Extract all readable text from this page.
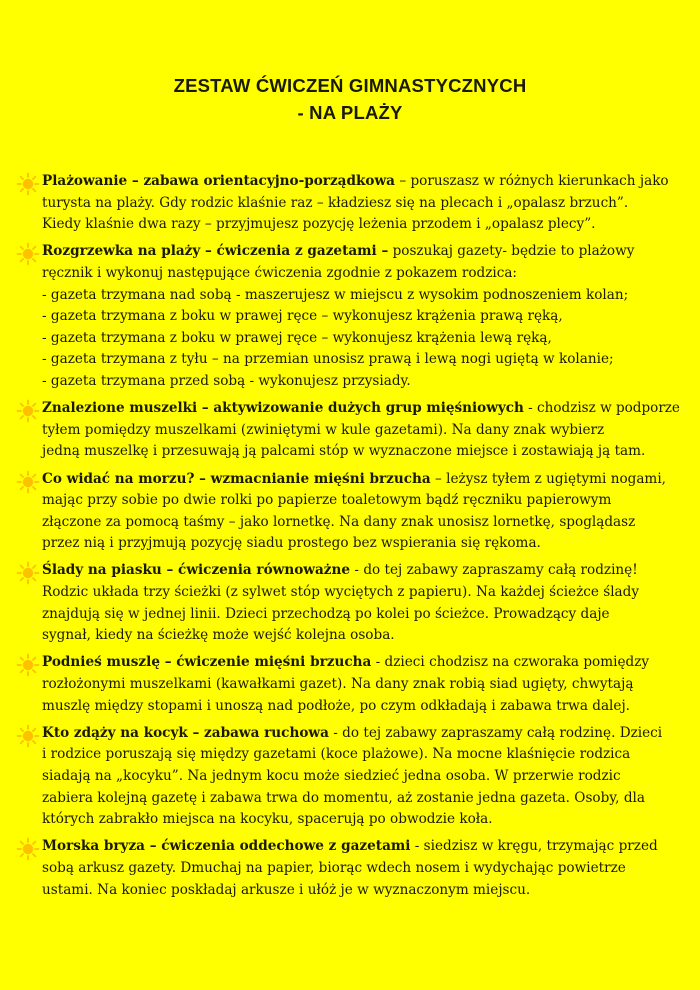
ZESTAW ĆWICZEŃ GIMNASTYCZNYCH
- NA PLAŻY
Plażowanie – zabawa orientacyjno-porządkowa – poruszasz w różnych kierunkach jako
turysta na plaży. Gdy rodzic klaśnie raz – kładziesz się na plecach i „opalasz brzuch”.
Kiedy klaśnie dwa razy – przyjmujesz pozycję leżenia przodem i „opalasz plecy”.
Rozgrzewka na plaży – ćwiczenia z gazetami – poszukaj gazety- będzie to plażowy
ręcznik i wykonuj następujące ćwiczenia zgodnie z pokazem rodzica:
- gazeta trzymana nad sobą - maszerujesz w miejscu z wysokim podnoszeniem kolan;
- gazeta trzymana z boku w prawej ręce – wykonujesz krążenia prawą ręką,
- gazeta trzymana z boku w prawej ręce – wykonujesz krążenia lewą ręką,
- gazeta trzymana z tyłu – na przemian unosisz prawą i lewą nogi ugiętą w kolanie;
- gazeta trzymana przed sobą - wykonujesz przysiady.
Znalezione muszelki – aktywizowanie dużych grup mięśniowych - chodzisz w podporze
tyłem pomiędzy muszelkami (zwiniętymi w kule gazetami). Na dany znak wybierz
jedną muszelkę i przesuwają ją palcami stóp w wyznaczone miejsce i zostawiają ją tam.
Co widać na morzu? – wzmacnianie mięśni brzucha – leżysz tyłem z ugiętymi nogami,
mając przy sobie po dwie rolki po papierze toaletowym bądź ręczniku papierowym
złączone za pomocą taśmy – jako lornetkę. Na dany znak unosisz lornetkę, spoglądasz
przez nią i przyjmują pozycję siadu prostego bez wspierania się rękoma.
Ślady na piasku – ćwiczenia równoważne - do tej zabawy zapraszamy całą rodzinę!
Rodzic układa trzy ścieżki (z sylwet stóp wyciętych z papieru). Na każdej ścieżce ślady
znajdują się w jednej linii. Dzieci przechodzą po kolei po ścieżce. Prowadzący daje
sygnał, kiedy na ścieżkę może wejść kolejna osoba.
Podnieś muszlę – ćwiczenie mięśni brzucha - dzieci chodzisz na czworaka pomiędzy
rozłożonymi muszelkami (kawałkami gazet). Na dany znak robią siad ugięty, chwytają
muszlę między stopami i unoszą nad podłoże, po czym odkładają i zabawa trwa dalej.
Kto zdąży na kocyk – zabawa ruchowa - do tej zabawy zapraszamy całą rodzinę. Dzieci
i rodzice poruszają się między gazetami (koce plażowe). Na mocne klaśnięcie rodzica
siadają na „kocyku”. Na jednym kocu może siedzieć jedna osoba. W przerwie rodzic
zabiera kolejną gazetę i zabawa trwa do momentu, aż zostanie jedna gazeta. Osoby, dla
których zabrakło miejsca na kocyku, spacerują po obwodzie koła.
Morska bryza – ćwiczenia oddechowe z gazetami - siedzisz w kręgu, trzymając przed
sobą arkusz gazety. Dmuchaj na papier, biorąc wdech nosem i wydychając powietrze
ustami. Na koniec poskładaj arkusze i ułóż je w wyznaczonym miejscu.
